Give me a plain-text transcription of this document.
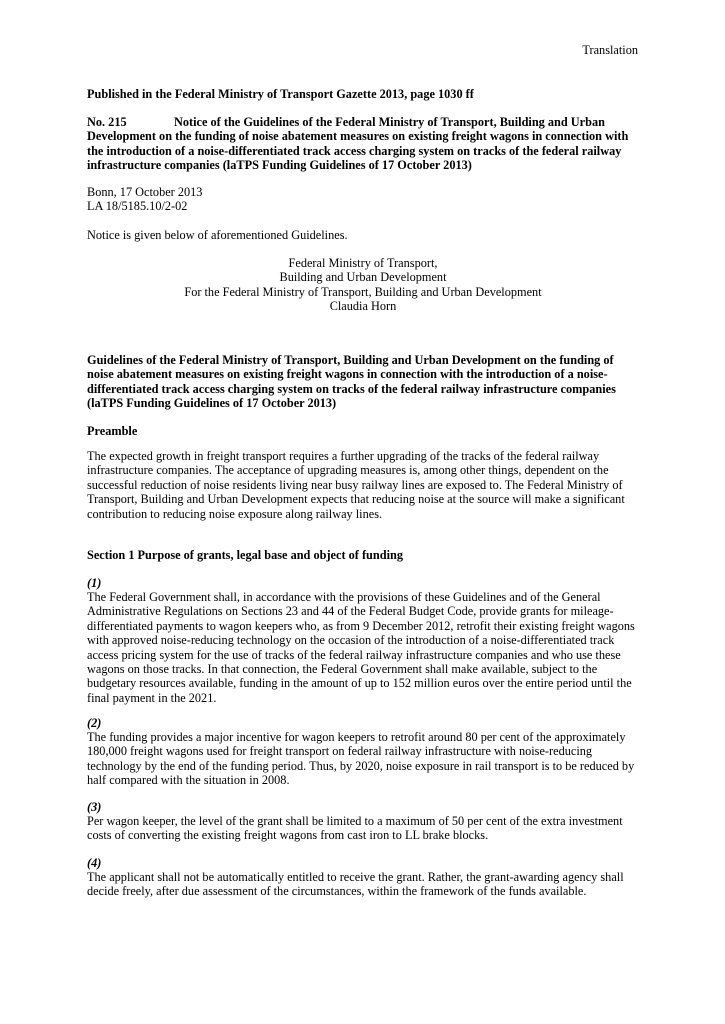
Translation

Published in the Federal Ministry of Transport Gazette 2013, page 1030 ff

No. 215	Notice of the Guidelines of the Federal Ministry of Transport, Building and Urban Development on the funding of noise abatement measures on existing freight wagons in connection with the introduction of a noise-differentiated track access charging system on tracks of the federal railway infrastructure companies (laTPS Funding Guidelines of 17 October 2013)

Bonn, 17 October 2013

LA 18/5185.10/2-02

Notice is given below of aforementioned Guidelines.

Federal Ministry of Transport,
Building and Urban Development
For the Federal Ministry of Transport, Building and Urban Development
Claudia Horn

Guidelines of the Federal Ministry of Transport, Building and Urban Development on the funding of noise abatement measures on existing freight wagons in connection with the introduction of a noise-differentiated track access charging system on tracks of the federal railway infrastructure companies (laTPS Funding Guidelines of 17 October 2013)

Preamble

The expected growth in freight transport requires a further upgrading of the tracks of the federal railway infrastructure companies. The acceptance of upgrading measures is, among other things, dependent on the successful reduction of noise residents living near busy railway lines are exposed to. The Federal Ministry of Transport, Building and Urban Development expects that reducing noise at the source will make a significant contribution to reducing noise exposure along railway lines.

Section 1 Purpose of grants, legal base and object of funding

(1)

The Federal Government shall, in accordance with the provisions of these Guidelines and of the General Administrative Regulations on Sections 23 and 44 of the Federal Budget Code, provide grants for mileage-differentiated payments to wagon keepers who, as from 9 December 2012, retrofit their existing freight wagons with approved noise-reducing technology on the occasion of the introduction of a noise-differentiated track access pricing system for the use of tracks of the federal railway infrastructure companies and who use these wagons on those tracks. In that connection, the Federal Government shall make available, subject to the budgetary resources available, funding in the amount of up to 152 million euros over the entire period until the final payment in the 2021.

(2)

The funding provides a major incentive for wagon keepers to retrofit around 80 per cent of the approximately 180,000 freight wagons used for freight transport on federal railway infrastructure with noise-reducing technology by the end of the funding period. Thus, by 2020, noise exposure in rail transport is to be reduced by half compared with the situation in 2008.

(3)

Per wagon keeper, the level of the grant shall be limited to a maximum of 50 per cent of the extra investment costs of converting the existing freight wagons from cast iron to LL brake blocks.

(4)

The applicant shall not be automatically entitled to receive the grant. Rather, the grant-awarding agency shall decide freely, after due assessment of the circumstances, within the framework of the funds available.
